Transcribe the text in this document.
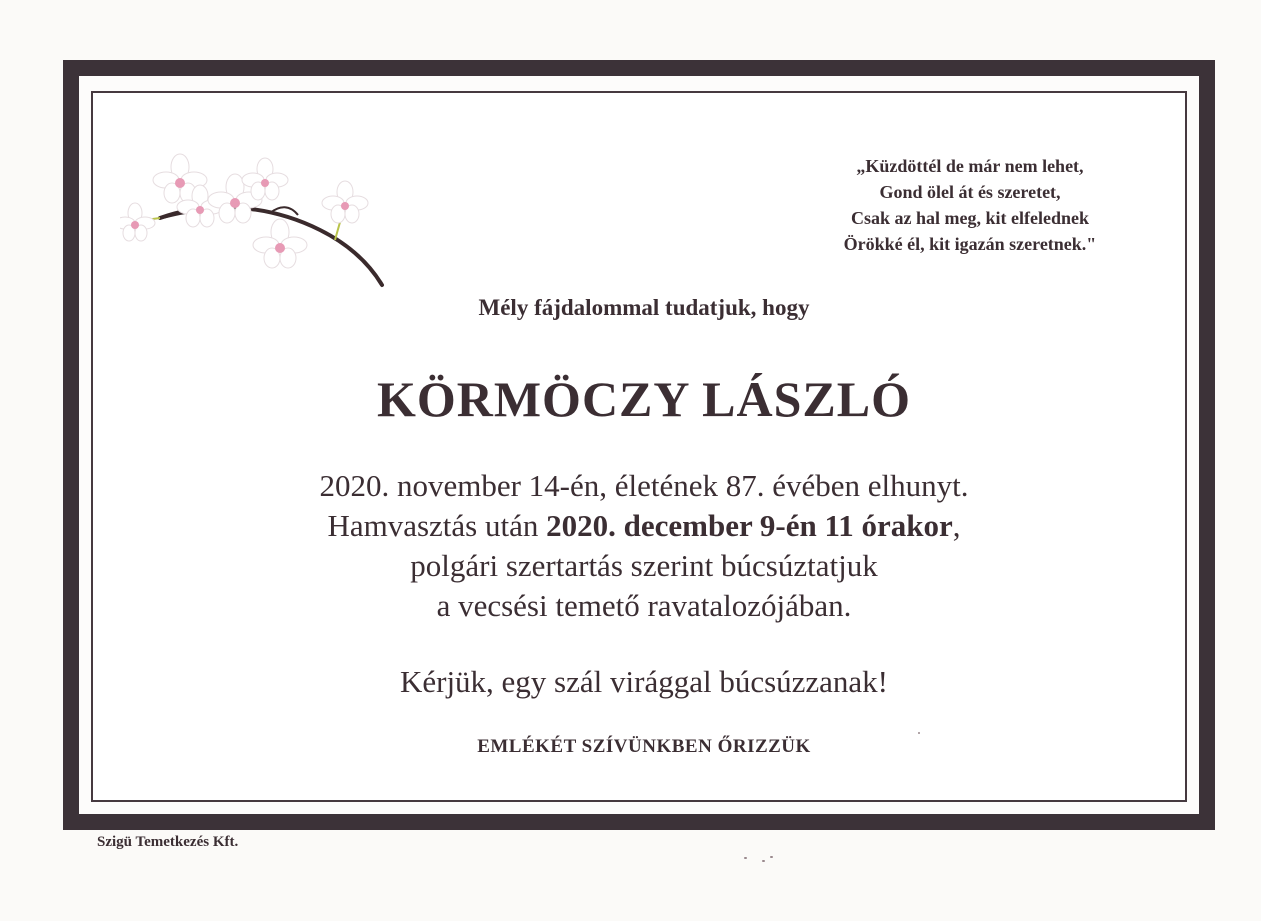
„Küzdöttél de már nem lehet,
Gond ölel át és szeretet,
Csak az hal meg, kit elfelednek
Örökké él, kit igazán szeretnek."
Mély fájdalommal tudatjuk, hogy
KÖRMÖCZY LÁSZLÓ
2020. november 14-én, életének 87. évében elhunyt.
Hamvasztás után 2020. december 9-én 11 órakor,
polgári szertartás szerint búcsúztatjuk
a vecsési temető ravatalozójában.
Kérjük, egy szál virággal búcsúzzanak!
EMLÉKÉT SZÍVÜNKBEN ŐRIZZÜK
Szigü Temetkezés Kft.
